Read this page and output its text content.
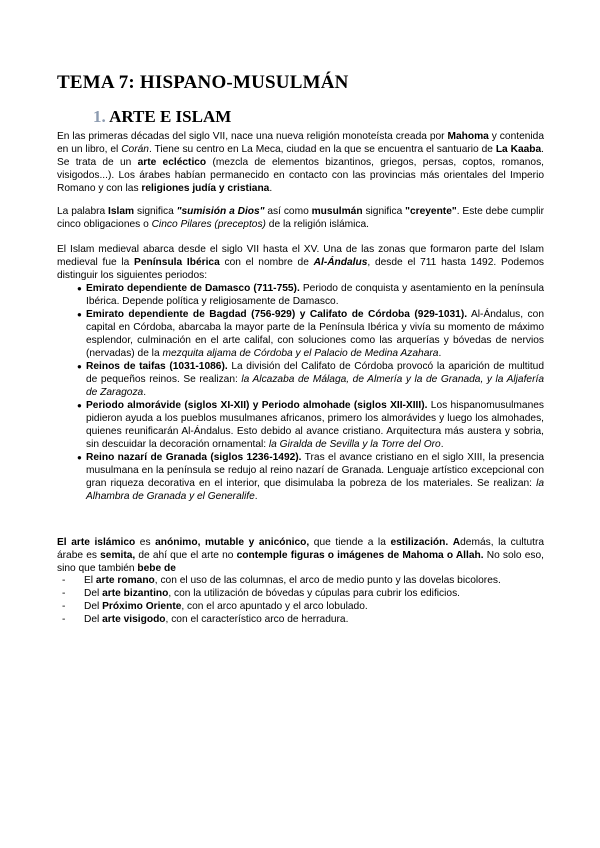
TEMA 7: HISPANO-MUSULMÁN
1. ARTE E ISLAM

En las primeras décadas del siglo VII, nace una nueva religión monoteísta creada por Mahoma y contenida en un libro, el Corán. Tiene su centro en La Meca, ciudad en la que se encuentra el santuario de La Kaaba. Se trata de un arte ecléctico (mezcla de elementos bizantinos, griegos, persas, coptos, romanos, visigodos...). Los árabes habían permanecido en contacto con las provincias más orientales del Imperio Romano y con las religiones judía y cristiana.

La palabra Islam significa "sumisión a Dios" así como musulmán significa "creyente". Este debe cumplir cinco obligaciones o Cinco Pilares (preceptos) de la religión islámica.

El Islam medieval abarca desde el siglo VII hasta el XV. Una de las zonas que formaron parte del Islam medieval fue la Península Ibérica con el nombre de Al-Ándalus, desde el 711 hasta 1492. Podemos distinguir los siguientes periodos:

● Emirato dependiente de Damasco (711-755). Periodo de conquista y asentamiento en la península Ibérica. Depende política y religiosamente de Damasco.
● Emirato dependiente de Bagdad (756-929) y Califato de Córdoba (929-1031). Al-Ándalus, con capital en Córdoba, abarcaba la mayor parte de la Península Ibérica y vivía su momento de máximo esplendor, culminación en el arte califal, con soluciones como las arquerías y bóvedas de nervios (nervadas) de la mezquita aljama de Córdoba y el Palacio de Medina Azahara.
● Reinos de taifas (1031-1086). La división del Califato de Córdoba provocó la aparición de multitud de pequeños reinos. Se realizan: la Alcazaba de Málaga, de Almería y la de Granada, y la Aljafería de Zaragoza.
● Periodo almorávide (siglos XI-XII) y Periodo almohade (siglos XII-XIII). Los hispanomusulmanes pidieron ayuda a los pueblos musulmanes africanos, primero los almorávides y luego los almohades, quienes reunificarán Al-Ándalus. Esto debido al avance cristiano. Arquitectura más austera y sobria, sin descuidar la decoración ornamental: la Giralda de Sevilla y la Torre del Oro.
● Reino nazarí de Granada (siglos 1236-1492). Tras el avance cristiano en el siglo XIII, la presencia musulmana en la península se redujo al reino nazarí de Granada. Lenguaje artístico excepcional con gran riqueza decorativa en el interior, que disimulaba la pobreza de los materiales. Se realizan: la Alhambra de Granada y el Generalife.

El arte islámico es anónimo, mutable y anicónico, que tiende a la estilización. Además, la cultutra árabe es semita, de ahí que el arte no contemple figuras o imágenes de Mahoma o Allah. No solo eso, sino que también bebe de

- El arte romano, con el uso de las columnas, el arco de medio punto y las dovelas bicolores.
- Del arte bizantino, con la utilización de bóvedas y cúpulas para cubrir los edificios.
- Del Próximo Oriente, con el arco apuntado y el arco lobulado.
- Del arte visigodo, con el característico arco de herradura.
